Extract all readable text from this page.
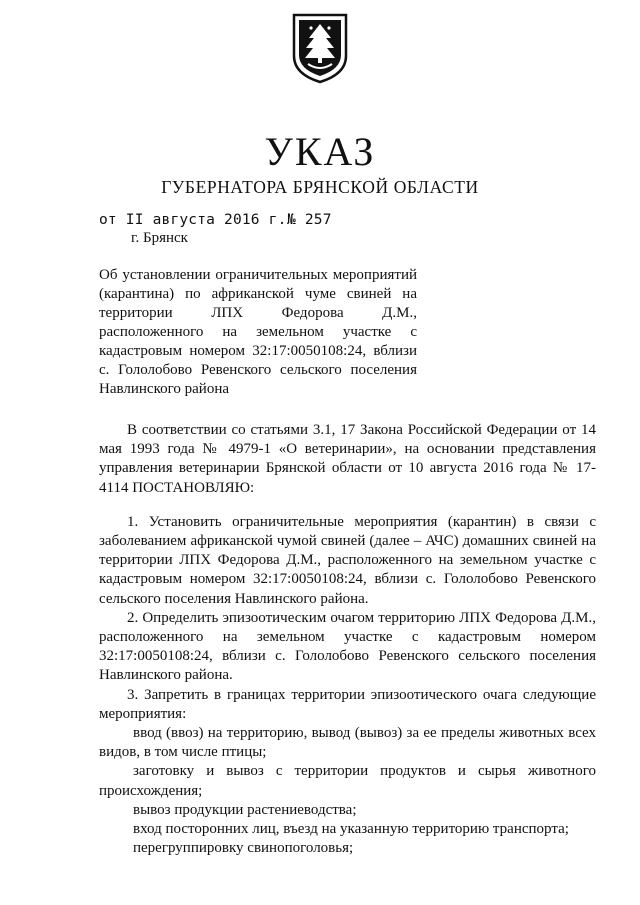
УКАЗ
ГУБЕРНАТОРА БРЯНСКОЙ ОБЛАСТИ
от II августа 2016 г. № 257
г. Брянск
Об установлении ограничительных мероприятий (карантина) по африканской чуме свиней на территории ЛПХ Федорова Д.М., расположенного на земельном участке с кадастровым номером 32:17:0050108:24, вблизи с. Гололобово Ревенского сельского поселения Навлинского района

В соответствии со статьями 3.1, 17 Закона Российской Федерации от 14 мая 1993 года № 4979-1 «О ветеринарии», на основании представления управления ветеринарии Брянской области от 10 августа 2016 года № 17-4114 ПОСТАНОВЛЯЮ:

1. Установить ограничительные мероприятия (карантин) в связи с заболеванием африканской чумой свиней (далее – АЧС) домашних свиней на территории ЛПХ Федорова Д.М., расположенного на земельном участке с кадастровым номером 32:17:0050108:24, вблизи с. Гололобово Ревенского сельского поселения Навлинского района.

2. Определить эпизоотическим очагом территорию ЛПХ Федорова Д.М., расположенного на земельном участке с кадастровым номером 32:17:0050108:24, вблизи с. Гололобово Ревенского сельского поселения Навлинского района.

3. Запретить в границах территории эпизоотического очага следующие мероприятия:

ввод (ввоз) на территорию, вывод (вывоз) за ее пределы животных всех видов, в том числе птицы;

заготовку и вывоз с территории продуктов и сырья животного происхождения;

вывоз продукции растениеводства;

вход посторонних лиц, въезд на указанную территорию транспорта;

перегруппировку свинопоголовья;
